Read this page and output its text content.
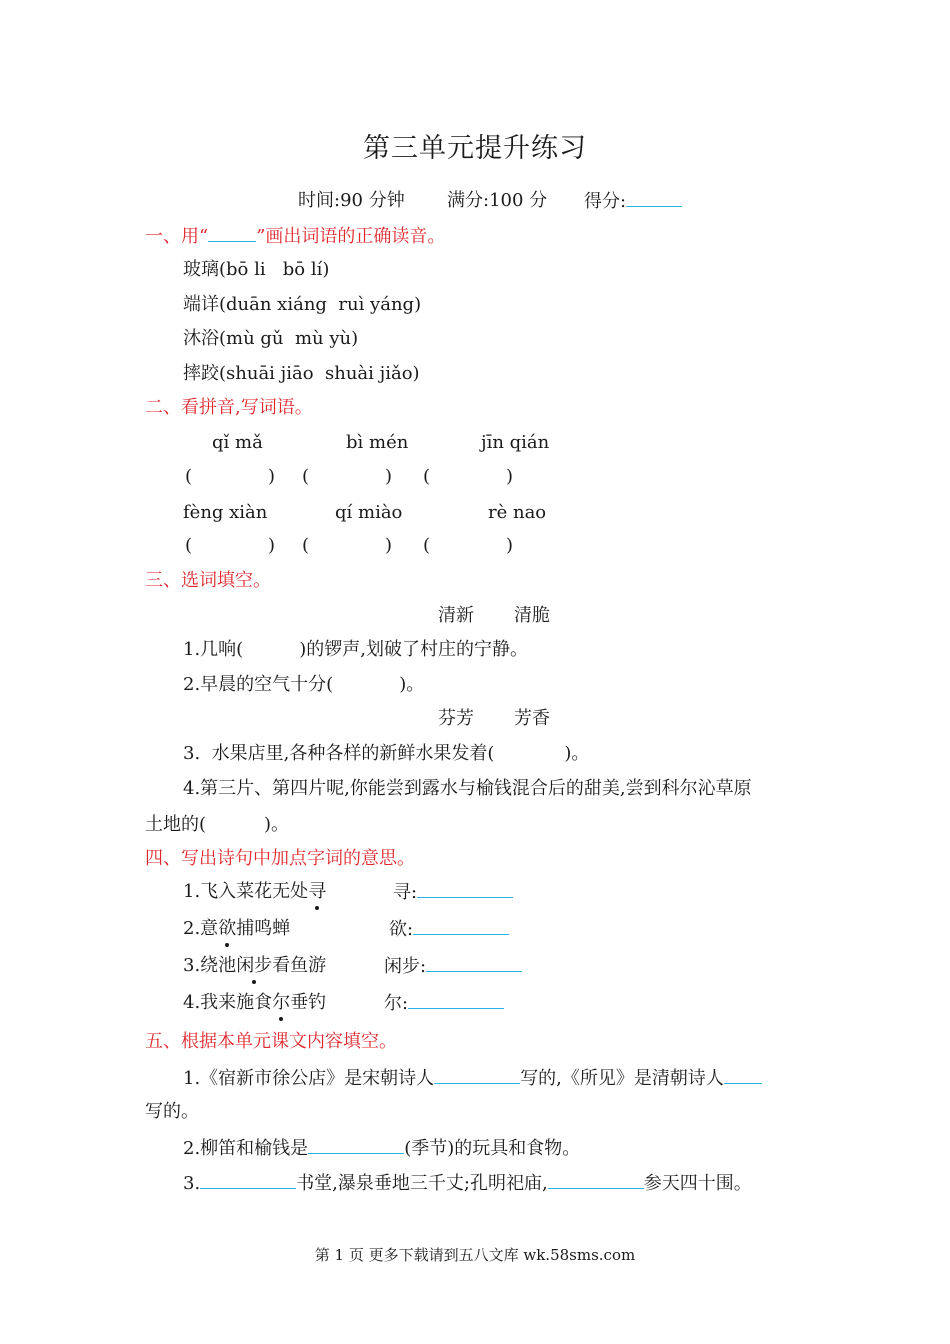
第三单元提升练习
时间:90 分钟 满分:100 分 得分:
一、用“	”画出词语的正确读音。
玻璃(bō li   bō lí)
端详(duān xiáng  ruì yáng)
沐浴(mù gǔ  mù yù)
摔跤(shuāi jiāo  shuài jiǎo)
二、看拼音,写词语。
qǐ mǎ	bì mén	jīn qián
(	) (	) (	)
fèng xiàn	qí miào	rè nao
(	) (	) (	)
三、选词填空。
清新 清脆
1.几响(	)的锣声,划破了村庄的宁静。
2.早晨的空气十分(	)。
芬芳 芳香
3.  水果店里,各种各样的新鲜水果发着(	)。
4.第三片、第四片呢,你能尝到露水与榆钱混合后的甜美,尝到科尔沁草原
土地的(	)。
四、写出诗句中加点字词的意思。
1.飞入菜花无处寻	寻:
2.意欲捕鸣蝉	欲:
3.绕池闲步看鱼游	闲步:
4.我来施食尔垂钓	尔:
五、根据本单元课文内容填空。
1.《宿新市徐公店》是宋朝诗人	写的,《所见》是清朝诗人
写的。
2.柳笛和榆钱是	(季节)的玩具和食物。
3.	书堂,瀑泉垂地三千丈;孔明祀庙,	参天四十围。
第 1 页 更多下载请到五八文库 wk.58sms.com
